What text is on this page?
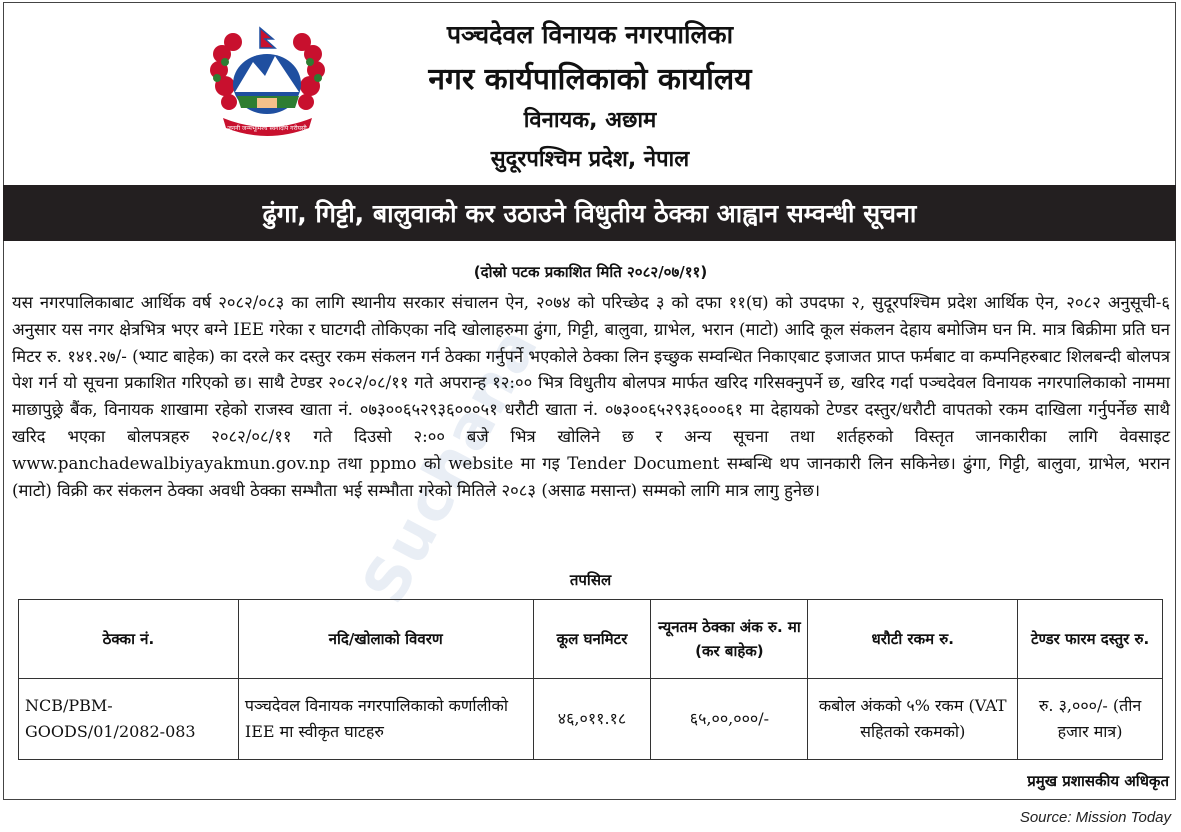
Suchana
जननी जन्मभूमिश्च स्वर्गादपि गरीयसी
पञ्चदेवल विनायक नगरपालिका
नगर कार्यपालिकाको कार्यालय
विनायक, अछाम
सुदूरपश्चिम प्रदेश, नेपाल
ढुंगा, गिट्टी, बालुवाको कर उठाउने विधुतीय ठेक्का आह्वान सम्वन्धी सूचना
(दोस्रो पटक प्रकाशित मिति २०८२/०७/११)

यस नगरपालिकाबाट आर्थिक वर्ष २०८२/०८३ का लागि स्थानीय सरकार संचालन ऐन, २०७४ को परिच्छेद ३ को दफा ११(घ) को उपदफा २, सुदूरपश्चिम प्रदेश आर्थिक ऐन, २०८२ अनुसूची-६ अनुसार यस नगर क्षेत्रभित्र भएर बग्ने IEE गरेका र घाटगदी तोकिएका नदि खोलाहरुमा ढुंगा, गिट्टी, बालुवा, ग्राभेल, भरान (माटो) आदि कूल संकलन देहाय बमोजिम घन मि. मात्र बिक्रीमा प्रति घन मिटर रु. १४१.२७/- (भ्याट बाहेक) का दरले कर दस्तुर रकम संकलन गर्न ठेक्का गर्नुपर्ने भएकोले ठेक्का लिन इच्छुक सम्वन्धित निकाएबाट इजाजत प्राप्त फर्मबाट वा कम्पनिहरुबाट शिलबन्दी बोलपत्र पेश गर्न यो सूचना प्रकाशित गरिएको छ। साथै टेण्डर २०८२/०८/११ गते अपरान्ह १२:०० भित्र विधुतीय बोलपत्र मार्फत खरिद गरिसक्नुपर्ने छ, खरिद गर्दा पञ्चदेवल विनायक नगरपालिकाको नाममा माछापुछ्रे बैंक, विनायक शाखामा रहेको राजस्व खाता नं. ०७३००६५२९३६०००५१ धरौटी खाता नं. ०७३००६५२९३६०००६१ मा देहायको टेण्डर दस्तुर/धरौटी वापतको रकम दाखिला गर्नुपर्नेछ साथै खरिद भएका बोलपत्रहरु २०८२/०८/११ गते दिउसो २:०० बजे भित्र खोलिने छ र अन्य सूचना तथा शर्तहरुको विस्तृत जानकारीका लागि वेवसाइट www.panchadewalbiyayakmun.gov.np तथा ppmo को website मा गइ Tender Document सम्बन्धि थप जानकारी लिन सकिनेछ। ढुंगा, गिट्टी, बालुवा, ग्राभेल, भरान (माटो) विक्री कर संकलन ठेक्का अवधी ठेक्का सम्भौता भई सम्भौता गरेको मितिले २०८३ (असाढ मसान्त) सम्मको लागि मात्र लागु हुनेछ।

तपसिल
ठेक्का नं.	नदि/खोलाको विवरण	कूल घनमिटर	न्यूनतम ठेक्का अंक रु. मा (कर बाहेक)	धरौटी रकम रु.	टेण्डर फारम दस्तुर रु.
NCB/PBM-GOODS/01/2082-083	पञ्चदेवल विनायक नगरपालिकाको कर्णालीको IEE मा स्वीकृत घाटहरु	४६,०११.१८	६५,००,०००/-	कबोल अंकको ५% रकम (VAT सहितको रकमको)	रु. ३,०००/- (तीन हजार मात्र)
प्रमुख प्रशासकीय अधिकृत
Source: Mission Today
